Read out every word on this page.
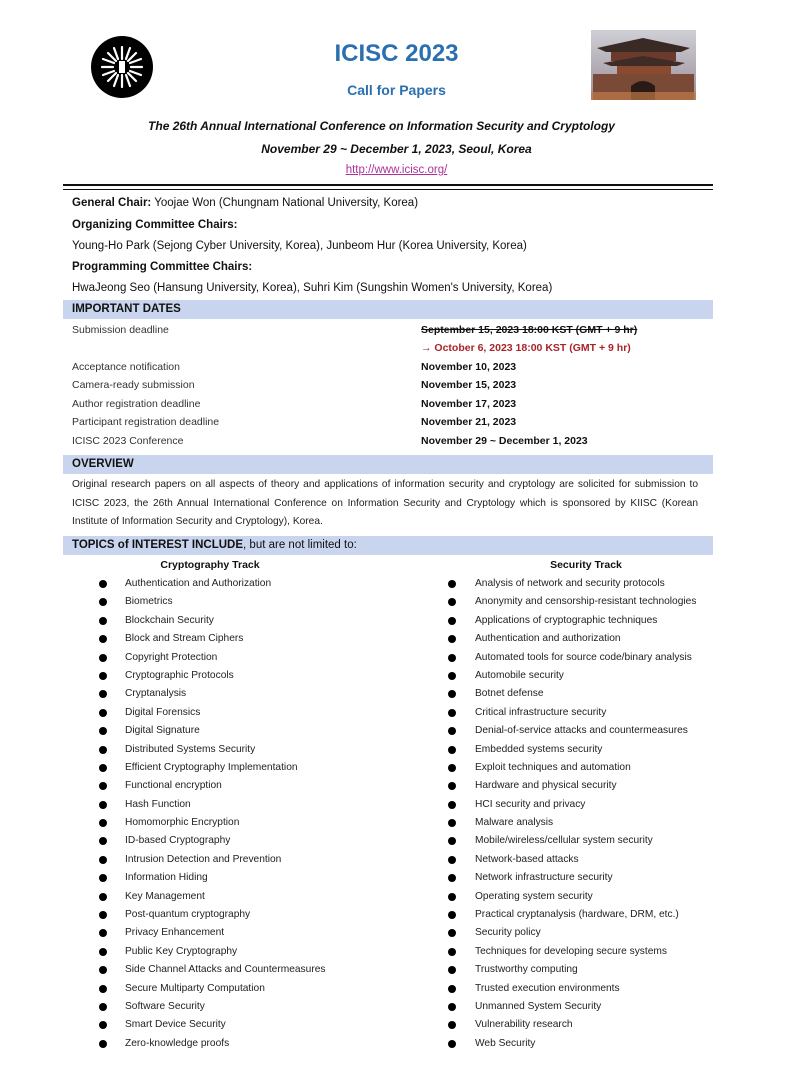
ICISC 2023
Call for Papers
The 26th Annual International Conference on Information Security and Cryptology
November 29 ~ December 1, 2023, Seoul, Korea
http://www.icisc.org/
General Chair: Yoojae Won (Chungnam National University, Korea)
Organizing Committee Chairs:
Young-Ho Park (Sejong Cyber University, Korea), Junbeom Hur (Korea University, Korea)
Programming Committee Chairs:
HwaJeong Seo (Hansung University, Korea), Suhri Kim (Sungshin Women's University, Korea)
IMPORTANT DATES
Submission deadline	September 15, 2023 18:00 KST (GMT + 9 hr)
→ October 6, 2023 18:00 KST (GMT + 9 hr)
Acceptance notification	November 10, 2023
Camera-ready submission	November 15, 2023
Author registration deadline	November 17, 2023
Participant registration deadline	November 21, 2023
ICISC 2023 Conference	November 29 ~ December 1, 2023
OVERVIEW
Original research papers on all aspects of theory and applications of information security and cryptology are solicited for submission to ICISC 2023, the 26th Annual International Conference on Information Security and Cryptology which is sponsored by KIISC (Korean Institute of Information Security and Cryptology), Korea.
TOPICS of INTEREST INCLUDE, but are not limited to:
Cryptography Track	Security Track
Authentication and Authorization
Biometrics
Blockchain Security
Block and Stream Ciphers
Copyright Protection
Cryptographic Protocols
Cryptanalysis
Digital Forensics
Digital Signature
Distributed Systems Security
Efficient Cryptography Implementation
Functional encryption
Hash Function
Homomorphic Encryption
ID-based Cryptography
Intrusion Detection and Prevention
Information Hiding
Key Management
Post-quantum cryptography
Privacy Enhancement
Public Key Cryptography
Side Channel Attacks and Countermeasures
Secure Multiparty Computation
Software Security
Smart Device Security
Zero-knowledge proofs
Analysis of network and security protocols
Anonymity and censorship-resistant technologies
Applications of cryptographic techniques
Authentication and authorization
Automated tools for source code/binary analysis
Automobile security
Botnet defense
Critical infrastructure security
Denial-of-service attacks and countermeasures
Embedded systems security
Exploit techniques and automation
Hardware and physical security
HCI security and privacy
Malware analysis
Mobile/wireless/cellular system security
Network-based attacks
Network infrastructure security
Operating system security
Practical cryptanalysis (hardware, DRM, etc.)
Security policy
Techniques for developing secure systems
Trustworthy computing
Trusted execution environments
Unmanned System Security
Vulnerability research
Web Security
